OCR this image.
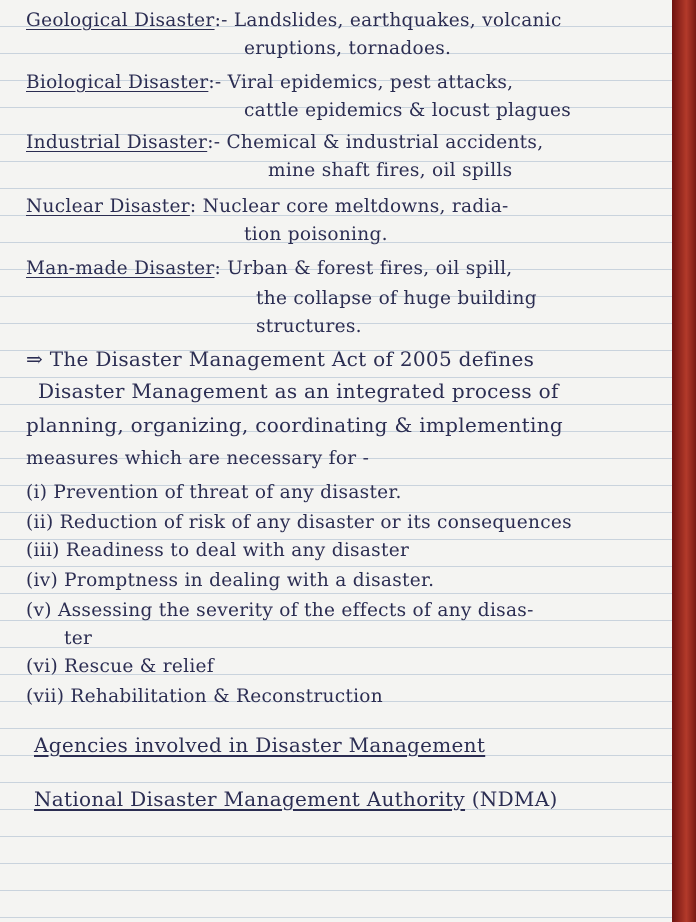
Geological Disaster:- Landslides, earthquakes, volcanic
eruptions, tornadoes.
Biological Disaster:- Viral epidemics, pest attacks,
cattle epidemics & locust plagues
Industrial Disaster:- Chemical & industrial accidents,
mine shaft fires, oil spills
Nuclear Disaster: Nuclear core meltdowns, radia-
tion poisoning.
Man-made Disaster: Urban & forest fires, oil spill,
the collapse of huge building
structures.
⇒ The Disaster Management Act of 2005 defines
Disaster Management as an integrated process of
planning, organizing, coordinating & implementing
measures which are necessary for -
(i) Prevention of threat of any disaster.
(ii) Reduction of risk of any disaster or its consequences
(iii) Readiness to deal with any disaster
(iv) Promptness in dealing with a disaster.
(v) Assessing the severity of the effects of any disas-
ter
(vi) Rescue & relief
(vii) Rehabilitation & Reconstruction
Agencies involved in Disaster Management
National Disaster Management Authority (NDMA)
